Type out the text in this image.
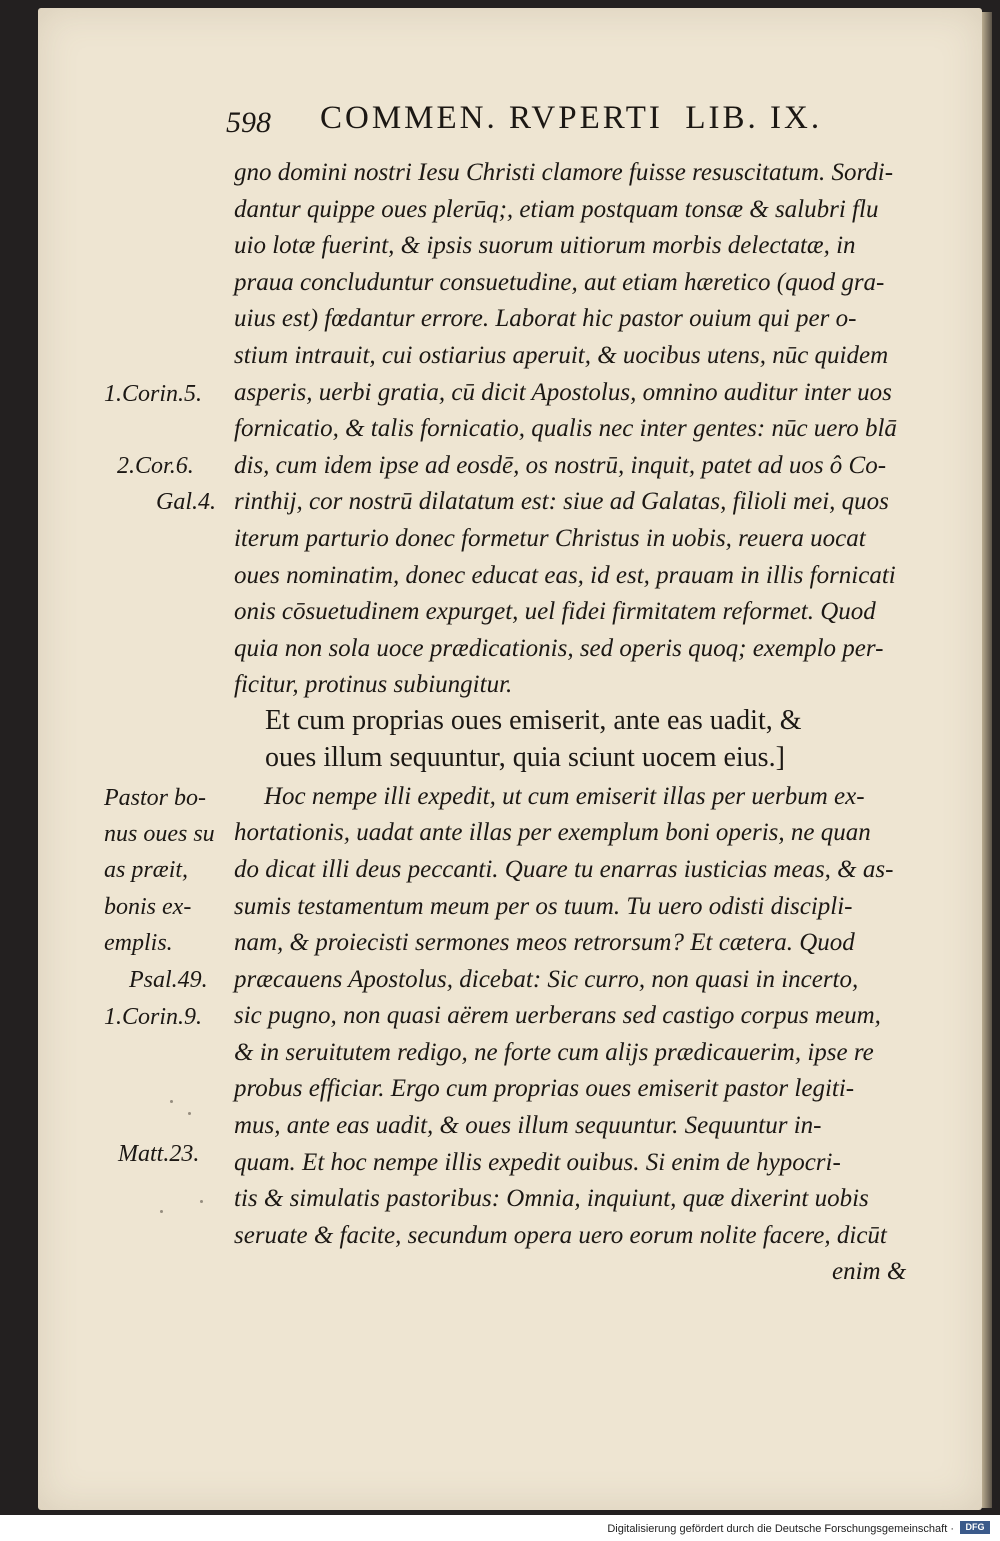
598 COMMEN. RVPERTI  LIB. IX.
gno domini nostri Iesu Christi clamore fuisse resuscitatum. Sordi-
dantur quippe oues plerūq;, etiam postquam tonsæ & salubri flu
uio lotæ fuerint, & ipsis suorum uitiorum morbis delectatæ, in
praua concluduntur consuetudine, aut etiam hæretico (quod gra-
uius est) fœdantur errore. Laborat hic pastor ouium qui per o-
stium intrauit, cui ostiarius aperuit, & uocibus utens, nūc quidem
asperis, uerbi gratia, cū dicit Apostolus, omnino auditur inter uos
fornicatio, & talis fornicatio, qualis nec inter gentes: nūc uero blā
dis, cum idem ipse ad eosdē, os nostrū, inquit, patet ad uos ô Co-
rinthij, cor nostrū dilatatum est: siue ad Galatas, filioli mei, quos
iterum parturio donec formetur Christus in uobis, reuera uocat
oues nominatim, donec educat eas, id est, prauam in illis fornicati
onis cōsuetudinem expurget, uel fidei firmitatem reformet. Quod
quia non sola uoce prædicationis, sed operis quoq; exemplo per-
ficitur, protinus subiungitur.
Et cum proprias oues emiserit, ante eas uadit, &
oues illum sequuntur, quia sciunt uocem eius.]
Hoc nempe illi expedit, ut cum emiserit illas per uerbum ex-
hortationis, uadat ante illas per exemplum boni operis, ne quan
do dicat illi deus peccanti. Quare tu enarras iusticias meas, & as-
sumis testamentum meum per os tuum. Tu uero odisti discipli-
nam, & proiecisti sermones meos retrorsum? Et cætera. Quod
præcauens Apostolus, dicebat: Sic curro, non quasi in incerto,
sic pugno, non quasi aërem uerberans sed castigo corpus meum,
& in seruitutem redigo, ne forte cum alijs prædicauerim, ipse re
probus efficiar. Ergo cum proprias oues emiserit pastor legiti-
mus, ante eas uadit, & oues illum sequuntur. Sequuntur in-
quam. Et hoc nempe illis expedit ouibus. Si enim de hypocri-
tis & simulatis pastoribus: Omnia, inquiunt, quæ dixerint uobis
seruate & facite, secundum opera uero eorum nolite facere, dicūt
enim &
1.Corin.5.
2.Cor.6.
Gal.4.
Pastor bo-
nus oues su
as præit,
bonis ex-
emplis.
Psal.49.
1.Corin.9.
Matt.23.
Digitalisierung gefördert durch die Deutsche Forschungsgemeinschaft ·	DFG
